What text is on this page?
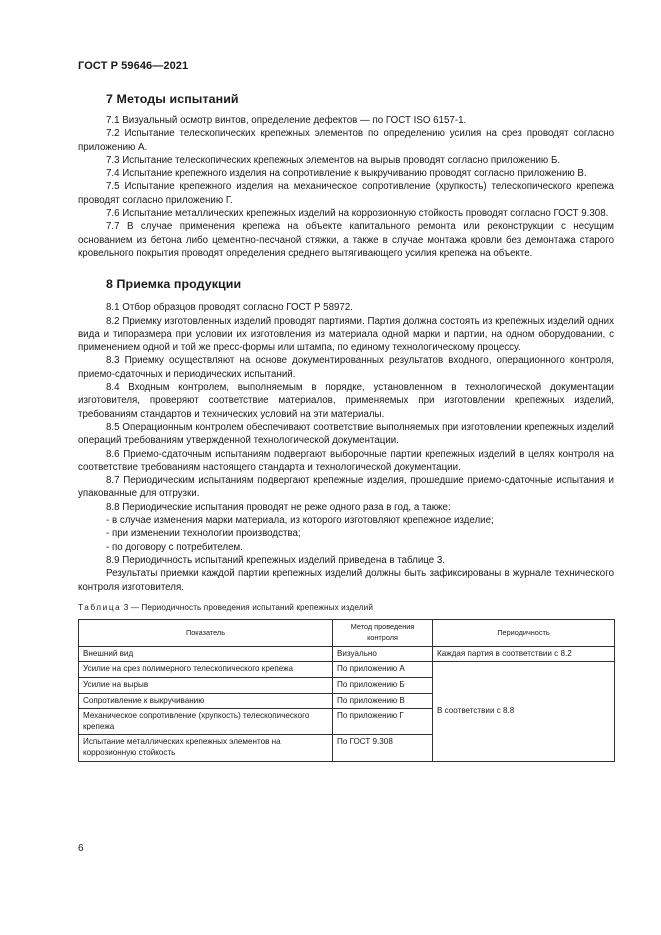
ГОСТ Р 59646—2021
7 Методы испытаний

7.1 Визуальный осмотр винтов, определение дефектов — по ГОСТ ISO 6157-1.

7.2 Испытание телескопических крепежных элементов по определению усилия на срез проводят согласно приложению А.

7.3 Испытание телескопических крепежных элементов на вырыв проводят согласно приложению Б.

7.4 Испытание крепежного изделия на сопротивление к выкручиванию проводят согласно приложению В.

7.5 Испытание крепежного изделия на механическое сопротивление (хрупкость) телескопического крепежа проводят согласно приложению Г.

7.6 Испытание металлических крепежных изделий на коррозионную стойкость проводят согласно ГОСТ 9.308.

7.7 В случае применения крепежа на объекте капитального ремонта или реконструкции с несущим основанием из бетона либо цементно-песчаной стяжки, а также в случае монтажа кровли без демонтажа старого кровельного покрытия проводят определения среднего вытягивающего усилия крепежа на объекте.

8 Приемка продукции

8.1 Отбор образцов проводят согласно ГОСТ Р 58972.

8.2 Приемку изготовленных изделий проводят партиями. Партия должна состоять из крепежных изделий одних вида и типоразмера при условии их изготовления из материала одной марки и партии, на одном оборудовании, с применением одной и той же пресс-формы или штампа, по единому технологическому процессу.

8.3 Приемку осуществляют на основе документированных результатов входного, операционного контроля, приемо-сдаточных и периодических испытаний.

8.4 Входным контролем, выполняемым в порядке, установленном в технологической документации изготовителя, проверяют соответствие материалов, применяемых при изготовлении крепежных изделий, требованиям стандартов и технических условий на эти материалы.

8.5 Операционным контролем обеспечивают соответствие выполняемых при изготовлении крепежных изделий операций требованиям утвержденной технологической документации.

8.6 Приемо-сдаточным испытаниям подвергают выборочные партии крепежных изделий в целях контроля на соответствие требованиям настоящего стандарта и технологической документации.

8.7 Периодическим испытаниям подвергают крепежные изделия, прошедшие приемо-сдаточные испытания и упакованные для отгрузки.

8.8 Периодические испытания проводят не реже одного раза в год, а также:

- в случае изменения марки материала, из которого изготовляют крепежное изделие;

- при изменении технологии производства;

- по договору с потребителем.

8.9 Периодичность испытаний крепежных изделий приведена в таблице 3.

Результаты приемки каждой партии крепежных изделий должны быть зафиксированы в журнале технического контроля изготовителя.

Таблица 3 — Периодичность проведения испытаний крепежных изделий
Показатель	Метод проведения контроля	Периодичность
Внешний вид	Визуально	Каждая партия в соответствии с 8.2
Усилие на срез полимерного телескопического крепежа	По приложению А	В соответствии с 8.8
Усилие на вырыв	По приложению Б	
Сопротивление к выкручиванию	По приложению В	
Механическое сопротивление (хрупкость) телескопического крепежа	По приложению Г	
Испытание металлических крепежных элементов на коррозионную стойкость	По ГОСТ 9.308	
6
